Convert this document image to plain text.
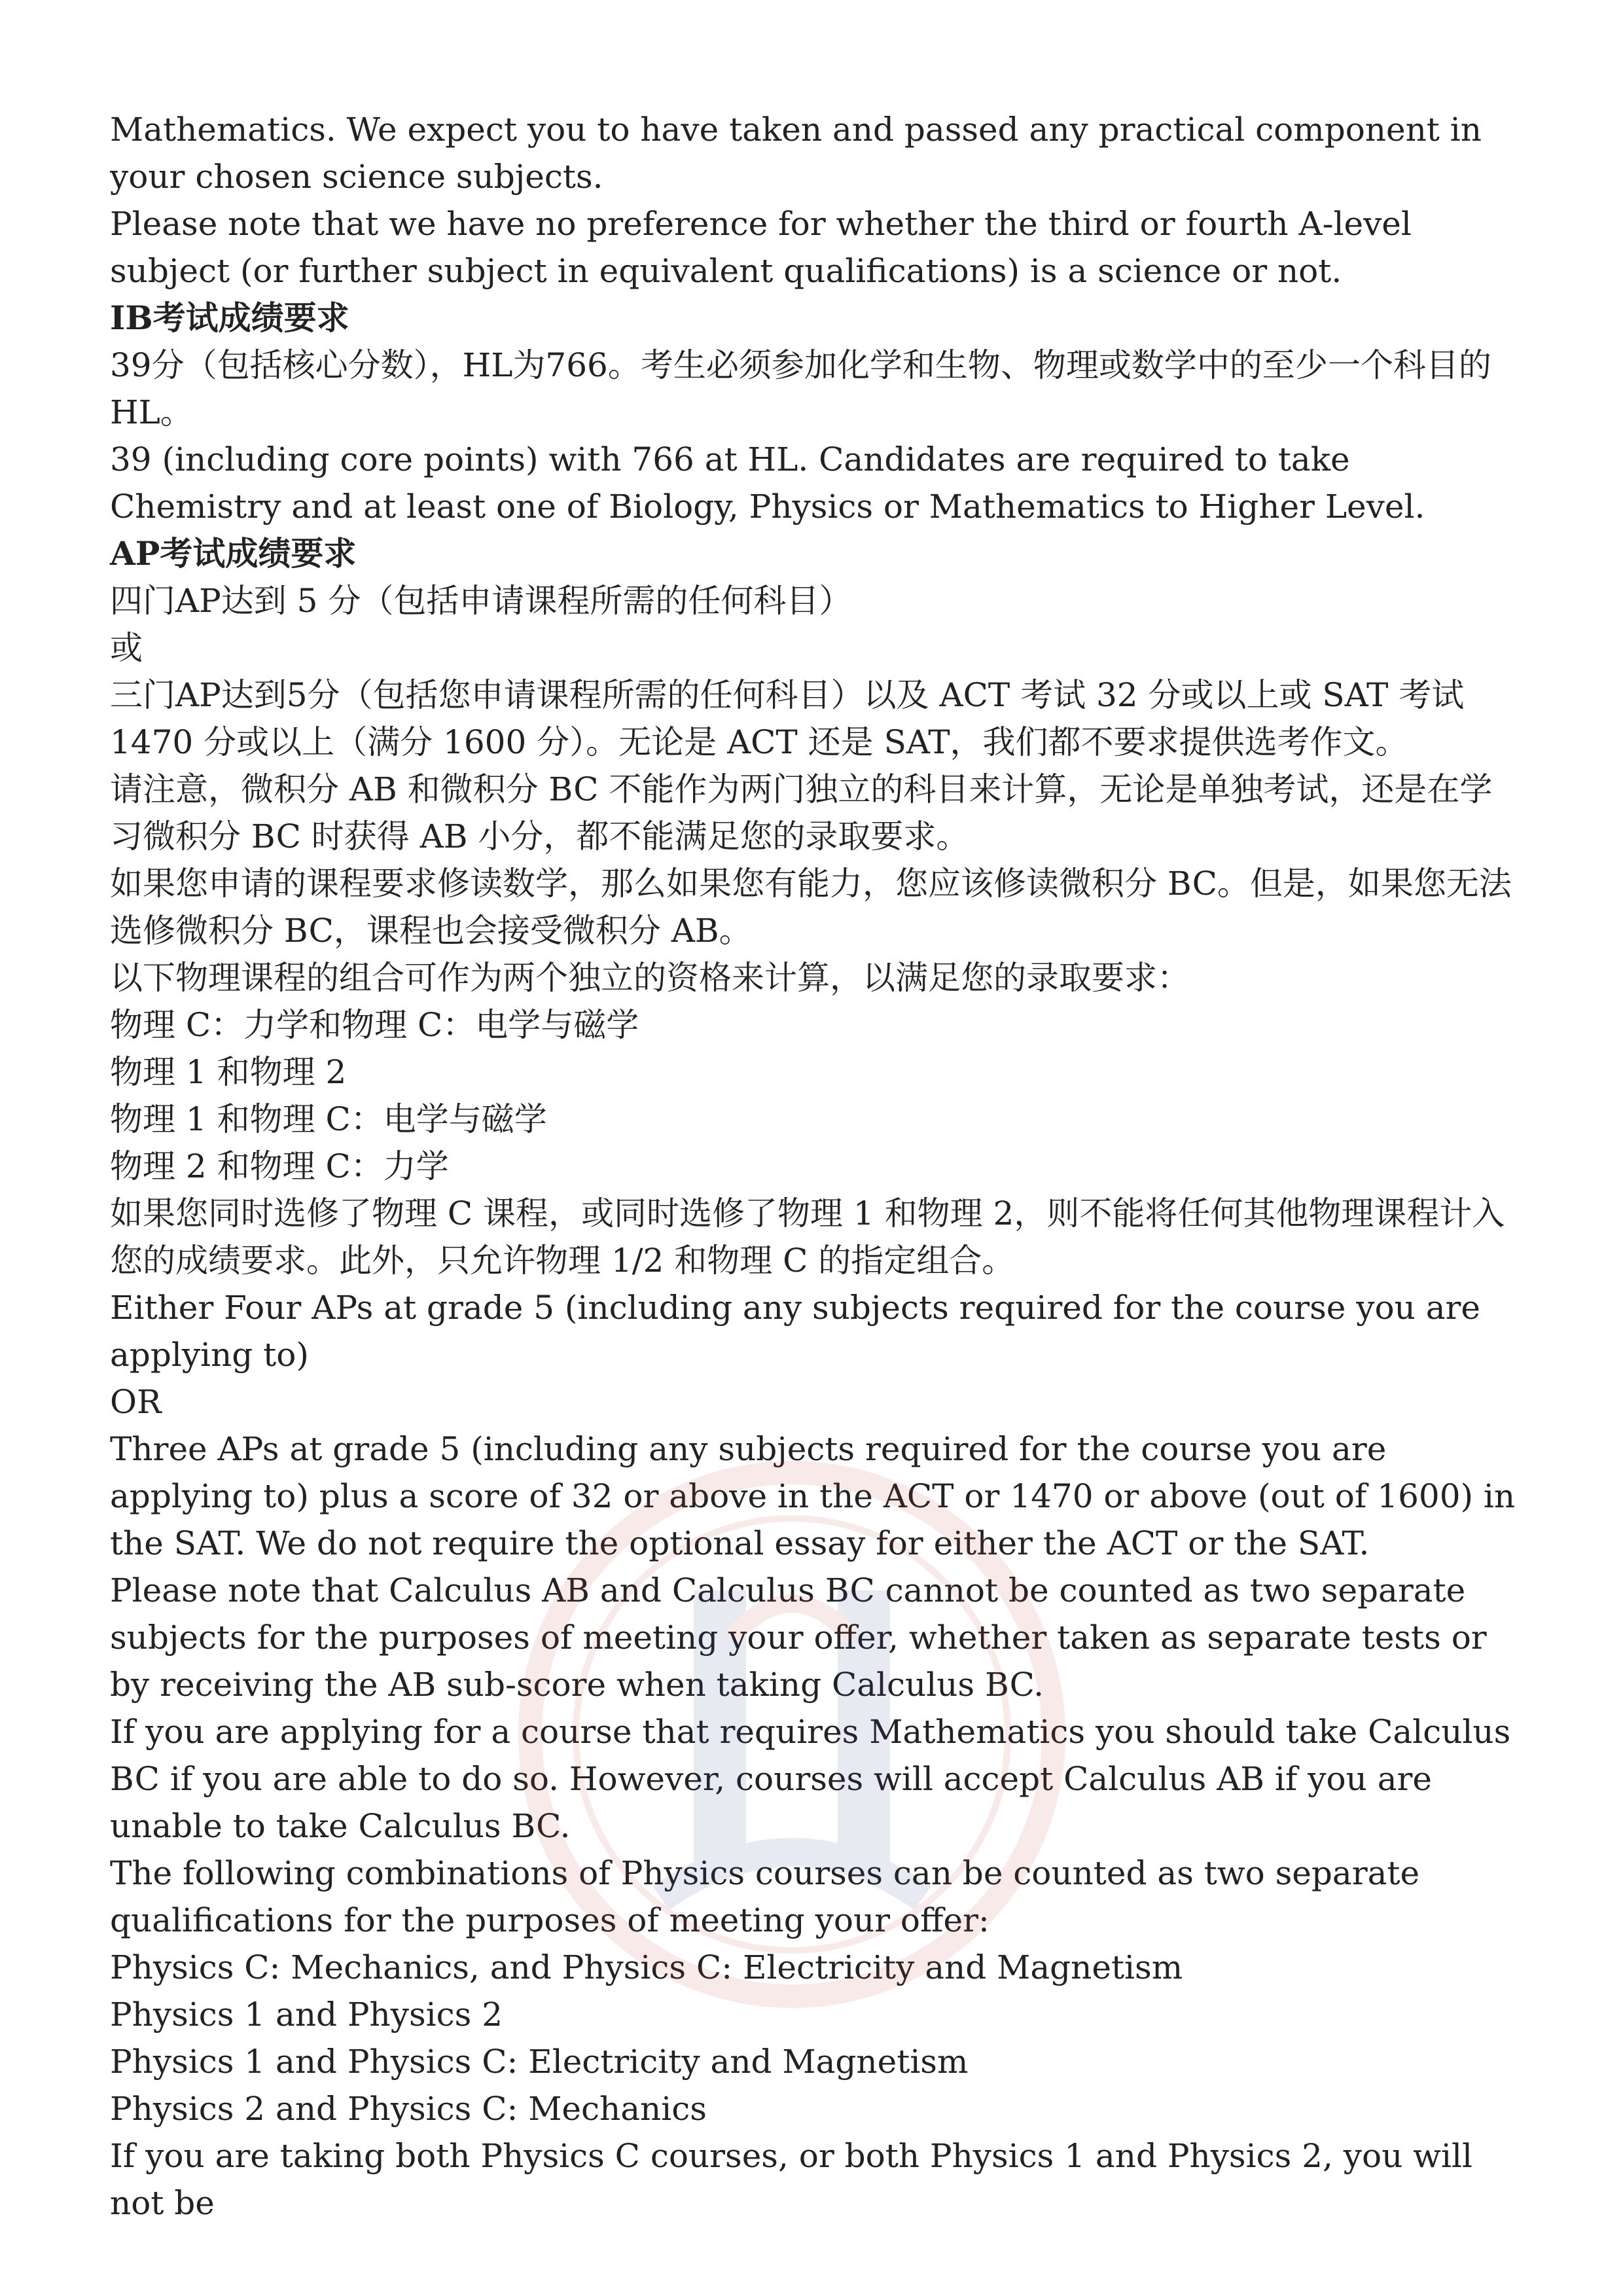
Mathematics. We expect you to have taken and passed any practical component in your chosen science subjects.

Please note that we have no preference for whether the third or fourth A-level subject (or further subject in equivalent qualifications) is a science or not.

IB考试成绩要求

39分（包括核心分数），HL为766。考生必须参加化学和生物、物理或数学中的至少一个科目的HL。

39 (including core points) with 766 at HL. Candidates are required to take Chemistry and at least one of Biology, Physics or Mathematics to Higher Level.

AP考试成绩要求

四门AP达到 5 分（包括申请课程所需的任何科目）

或

三门AP达到5分（包括您申请课程所需的任何科目）以及 ACT 考试 32 分或以上或 SAT 考试 1470 分或以上（满分 1600 分）。无论是 ACT 还是 SAT，我们都不要求提供选考作文。

请注意，微积分 AB 和微积分 BC 不能作为两门独立的科目来计算，无论是单独考试，还是在学习微积分 BC 时获得 AB 小分，都不能满足您的录取要求。

如果您申请的课程要求修读数学，那么如果您有能力，您应该修读微积分 BC。但是，如果您无法选修微积分 BC，课程也会接受微积分 AB。

以下物理课程的组合可作为两个独立的资格来计算，以满足您的录取要求：

物理 C：力学和物理 C：电学与磁学

物理 1 和物理 2

物理 1 和物理 C：电学与磁学

物理 2 和物理 C：力学

如果您同时选修了物理 C 课程，或同时选修了物理 1 和物理 2，则不能将任何其他物理课程计入您的成绩要求。此外，只允许物理 1/2 和物理 C 的指定组合。

Either Four APs at grade 5 (including any subjects required for the course you are applying to)

OR

Three APs at grade 5 (including any subjects required for the course you are applying to) plus a score of 32 or above in the ACT or 1470 or above (out of 1600) in the SAT. We do not require the optional essay for either the ACT or the SAT.

Please note that Calculus AB and Calculus BC cannot be counted as two separate subjects for the purposes of meeting your offer, whether taken as separate tests or by receiving the AB sub-score when taking Calculus BC.

If you are applying for a course that requires Mathematics you should take Calculus BC if you are able to do so. However, courses will accept Calculus AB if you are unable to take Calculus BC.

The following combinations of Physics courses can be counted as two separate qualifications for the purposes of meeting your offer:

Physics C: Mechanics, and Physics C: Electricity and Magnetism

Physics 1 and Physics 2

Physics 1 and Physics C: Electricity and Magnetism

Physics 2 and Physics C: Mechanics

If you are taking both Physics C courses, or both Physics 1 and Physics 2, you will not be
